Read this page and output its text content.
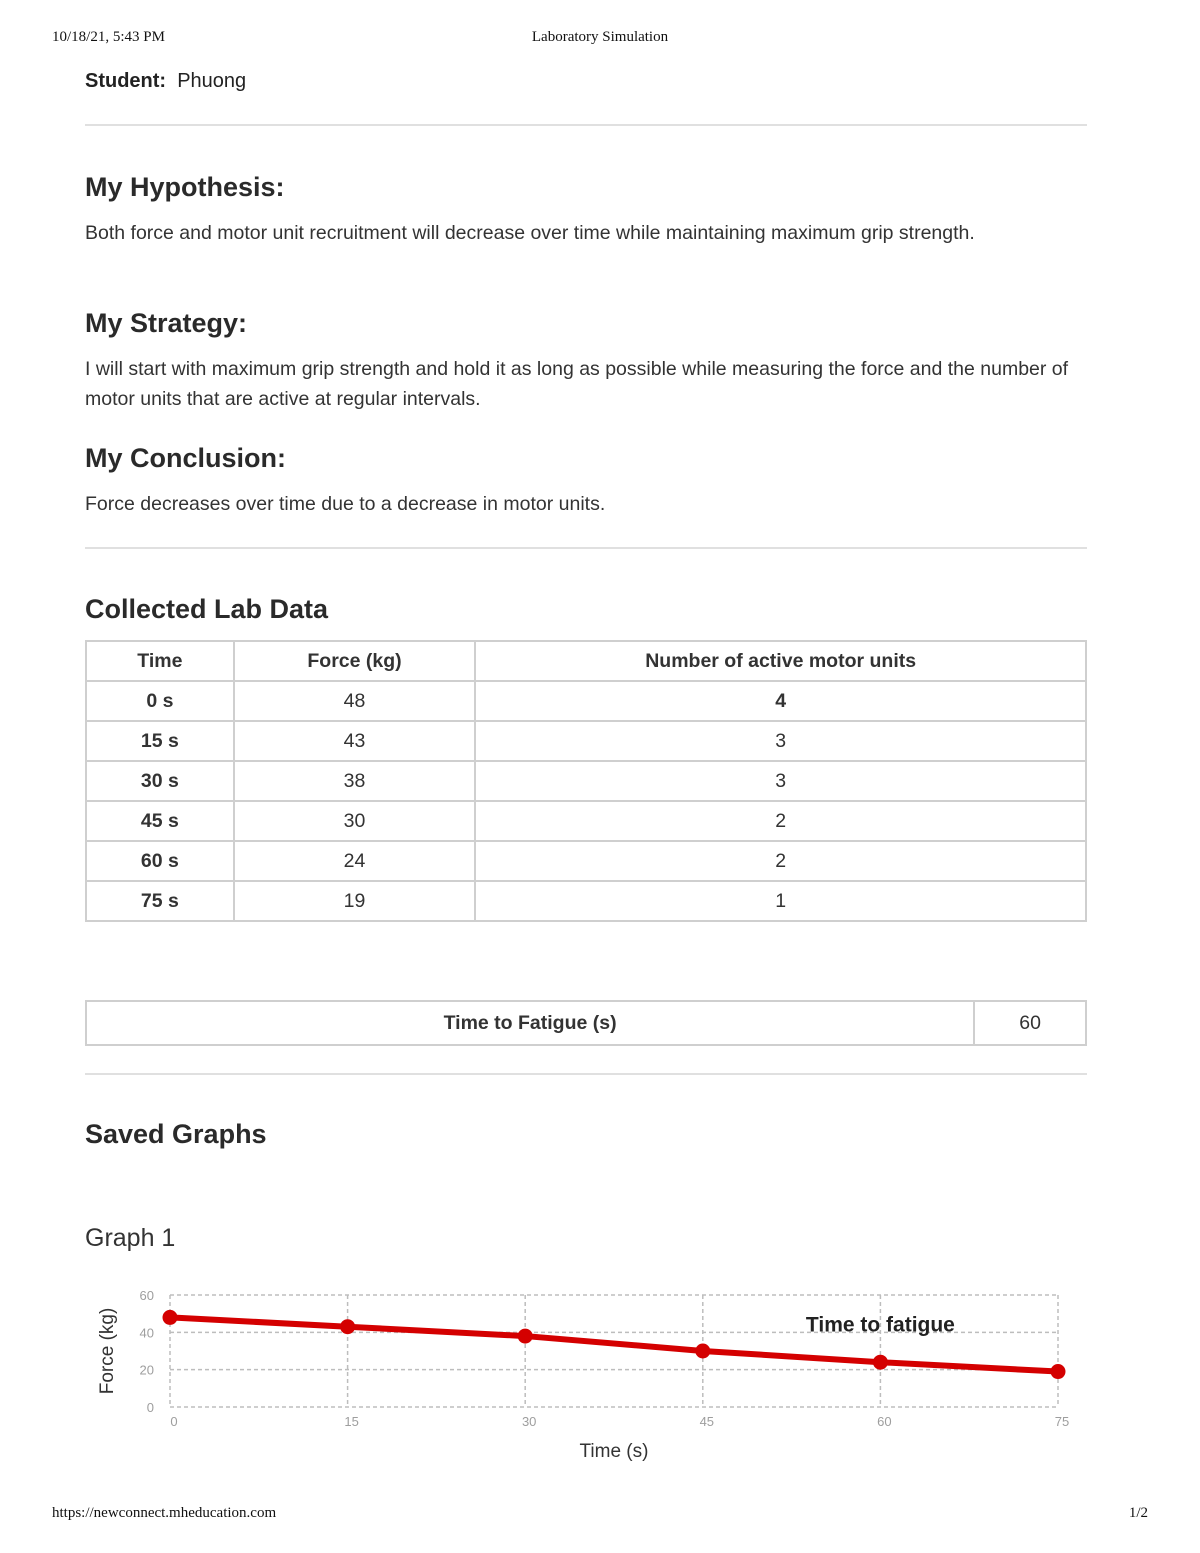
10/18/21, 5:43 PM	Laboratory Simulation
Student: Phuong
My Hypothesis:

Both force and motor unit recruitment will decrease over time while maintaining maximum grip strength.

My Strategy:

I will start with maximum grip strength and hold it as long as possible while measuring the force and the number of motor units that are active at regular intervals.

My Conclusion:

Force decreases over time due to a decrease in motor units.

Collected Lab Data
Time	Force (kg)	Number of active motor units
0 s	48	4
15 s	43	3
30 s	38	3
45 s	30	2
60 s	24	2
75 s	19	1
Time to Fatigue (s)	60
Saved Graphs
Graph 1
0
20
40
60
0	15	30	45	60	75
Time (s)
Force (kg)	Time to fatigue
https://newconnect.mheducation.com	1/2
